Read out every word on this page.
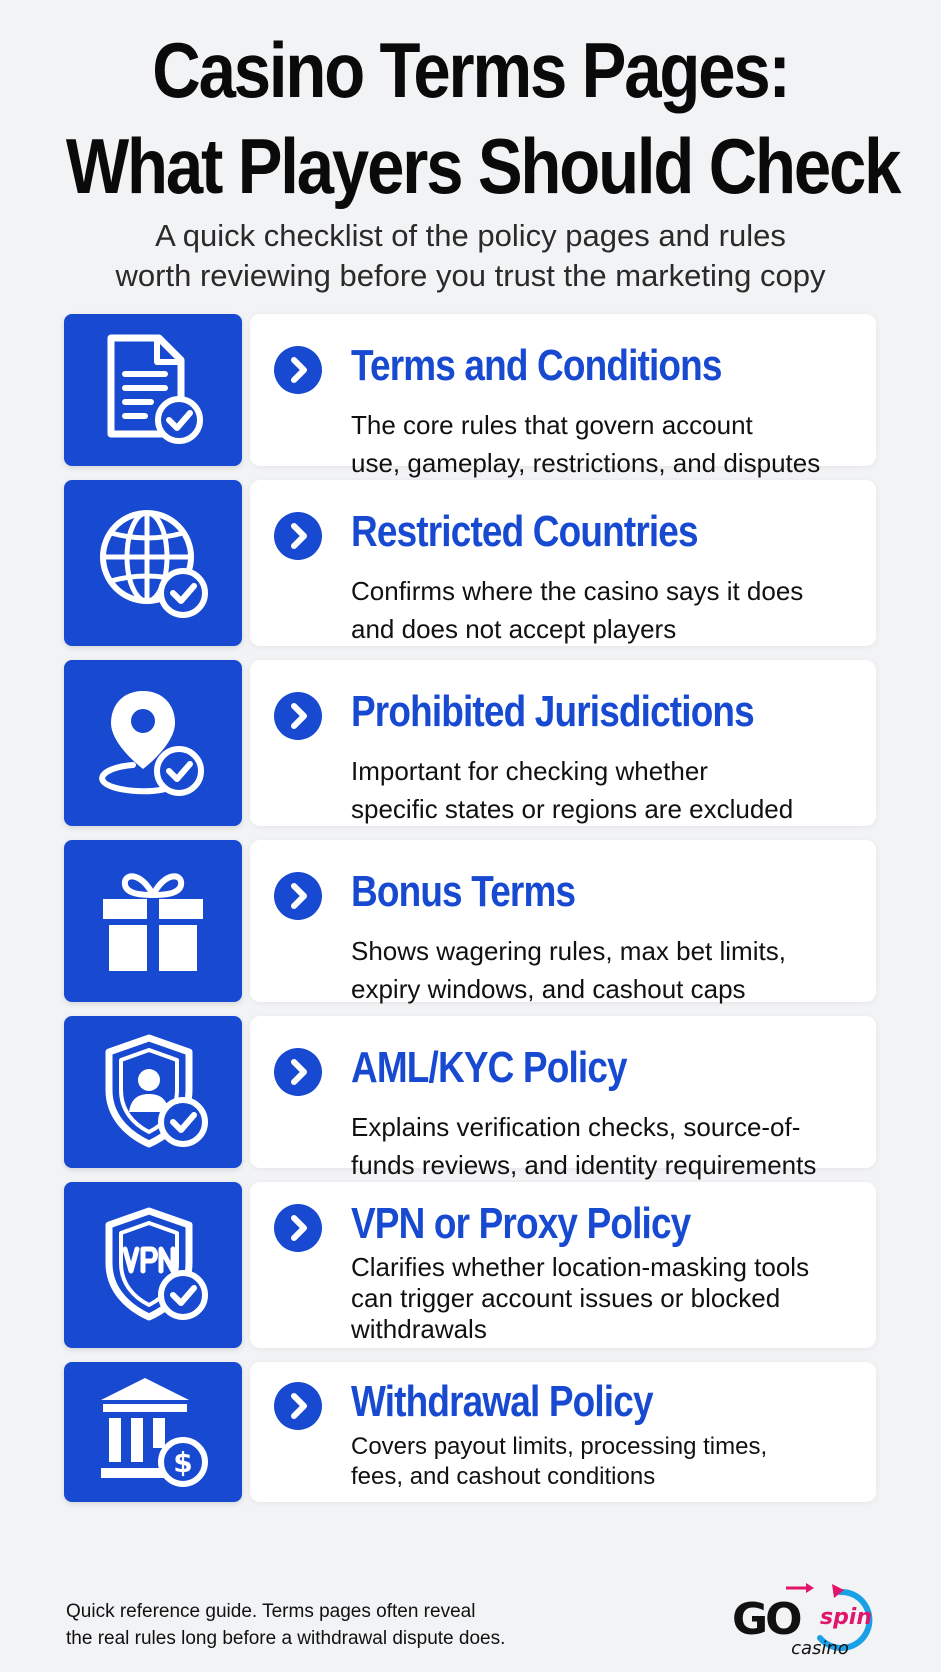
Casino Terms Pages:
What Players Should Check
A quick checklist of the policy pages and rules
worth reviewing before you trust the marketing copy
Terms and Conditions
The core rules that govern account
use, gameplay, restrictions, and disputes
Restricted Countries
Confirms where the casino says it does
and does not accept players
Prohibited Jurisdictions
Important for checking whether
specific states or regions are excluded
Bonus Terms
Shows wagering rules, max bet limits,
expiry windows, and cashout caps
AML/KYC Policy
Explains verification checks, source-of-
funds reviews, and identity requirements
VPN or Proxy Policy
Clarifies whether location-masking tools
can trigger account issues or blocked
withdrawals
$
Withdrawal Policy
Covers payout limits, processing times,
fees, and cashout conditions
Quick reference guide. Terms pages often reveal
the real rules long before a withdrawal dispute does.	GO spin
casino
